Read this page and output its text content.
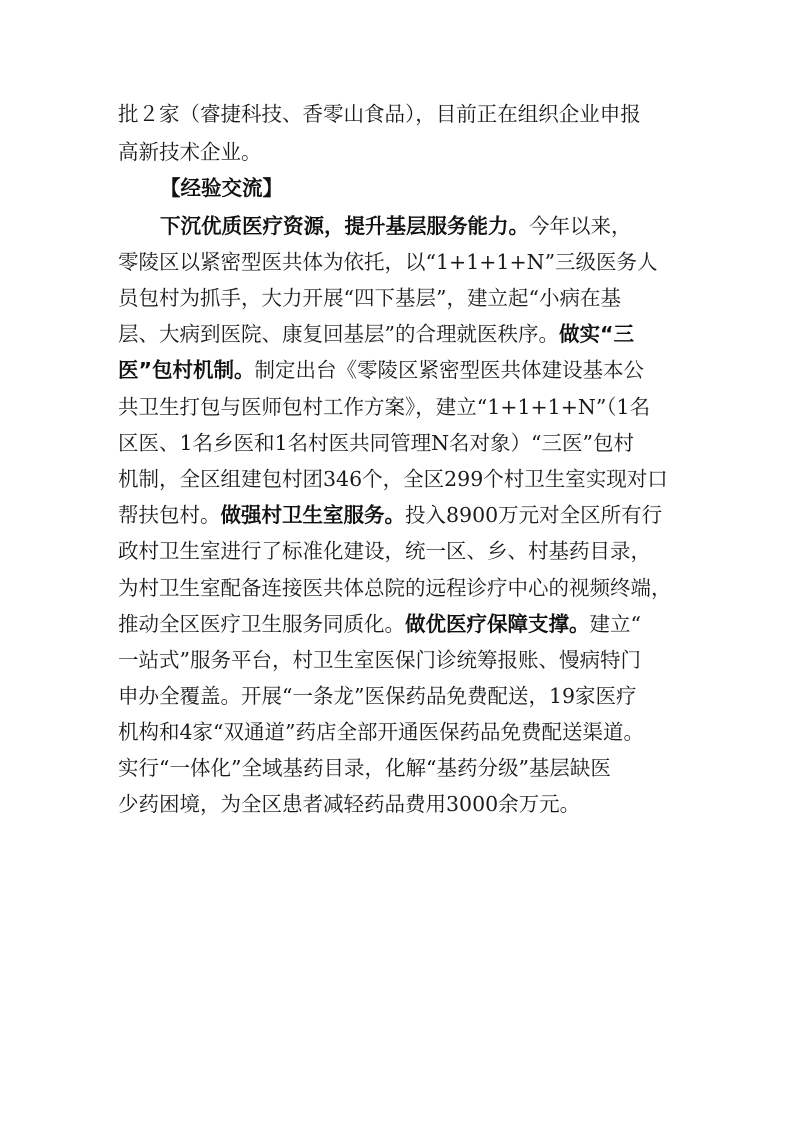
批２家（睿捷科技、香零山食品），目前正在组织企业申报
高新技术企业。
【经验交流】
下沉优质医疗资源，提升基层服务能力。今年以来，
零陵区以紧密型医共体为依托，以“1+1+1+N”三级医务人
员包村为抓手，大力开展“四下基层”，建立起“小病在基
层、大病到医院、康复回基层”的合理就医秩序。做实“三
医”包村机制。制定出台《零陵区紧密型医共体建设基本公
共卫生打包与医师包村工作方案》，建立“1+1+1+N”（1名
区医、1名乡医和1名村医共同管理N名对象）“三医”包村
机制，全区组建包村团346个，全区299个村卫生室实现对口
帮扶包村。做强村卫生室服务。投入8900万元对全区所有行
政村卫生室进行了标准化建设，统一区、乡、村基药目录，
为村卫生室配备连接医共体总院的远程诊疗中心的视频终端，
推动全区医疗卫生服务同质化。做优医疗保障支撑。建立“
一站式”服务平台，村卫生室医保门诊统筹报账、慢病特门
申办全覆盖。开展“一条龙”医保药品免费配送，19家医疗
机构和4家“双通道”药店全部开通医保药品免费配送渠道。
实行“一体化”全域基药目录，化解“基药分级”基层缺医
少药困境，为全区患者减轻药品费用3000余万元。
